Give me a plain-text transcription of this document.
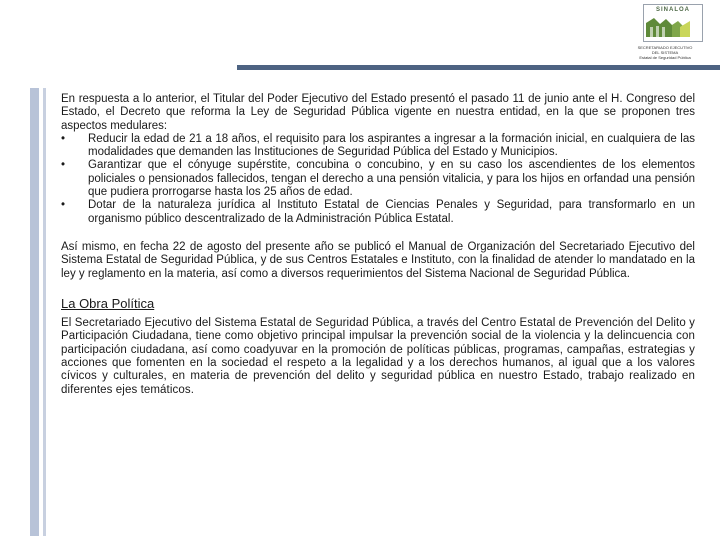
SINALOA
SECRETARIADO EJECUTIVO DEL SISTEMA
Estatal de Seguridad Pública

En respuesta a lo anterior, el Titular del Poder Ejecutivo del Estado presentó el pasado 11 de junio ante el H. Congreso del Estado, el Decreto que reforma la Ley de Seguridad Pública vigente en nuestra entidad, en la que se proponen tres aspectos medulares:

• Reducir la edad de 21 a 18 años, el requisito para los aspirantes a ingresar a la formación inicial, en cualquiera de las modalidades que demanden las Instituciones de Seguridad Pública del Estado y Municipios.
• Garantizar que el cónyuge supérstite, concubina o concubino, y en su caso los ascendientes de los elementos policiales o pensionados fallecidos, tengan el derecho a una pensión vitalicia, y para los hijos en orfandad una pensión que pudiera prorrogarse hasta los 25 años de edad.
• Dotar de la naturaleza jurídica al Instituto Estatal de Ciencias Penales y Seguridad, para transformarlo en un organismo público descentralizado de la Administración Pública Estatal.

Así mismo, en fecha 22 de agosto del presente año se publicó el Manual de Organización del Secretariado Ejecutivo del Sistema Estatal de Seguridad Pública, y de sus Centros Estatales e Instituto, con la finalidad de atender lo mandatado en la ley y reglamento en la materia, así como a diversos requerimientos del Sistema Nacional de Seguridad Pública.

La Obra Política

El Secretariado Ejecutivo del Sistema Estatal de Seguridad Pública, a través del Centro Estatal de Prevención del Delito y Participación Ciudadana, tiene como objetivo principal impulsar la prevención social de la violencia y la delincuencia con participación ciudadana, así como coadyuvar en la promoción de políticas públicas, programas, campañas, estrategias y acciones que fomenten en la sociedad el respeto a la legalidad y a los derechos humanos, al igual que a los valores cívicos y culturales, en materia de prevención del delito y seguridad pública en nuestro Estado, trabajo realizado en diferentes ejes temáticos.
